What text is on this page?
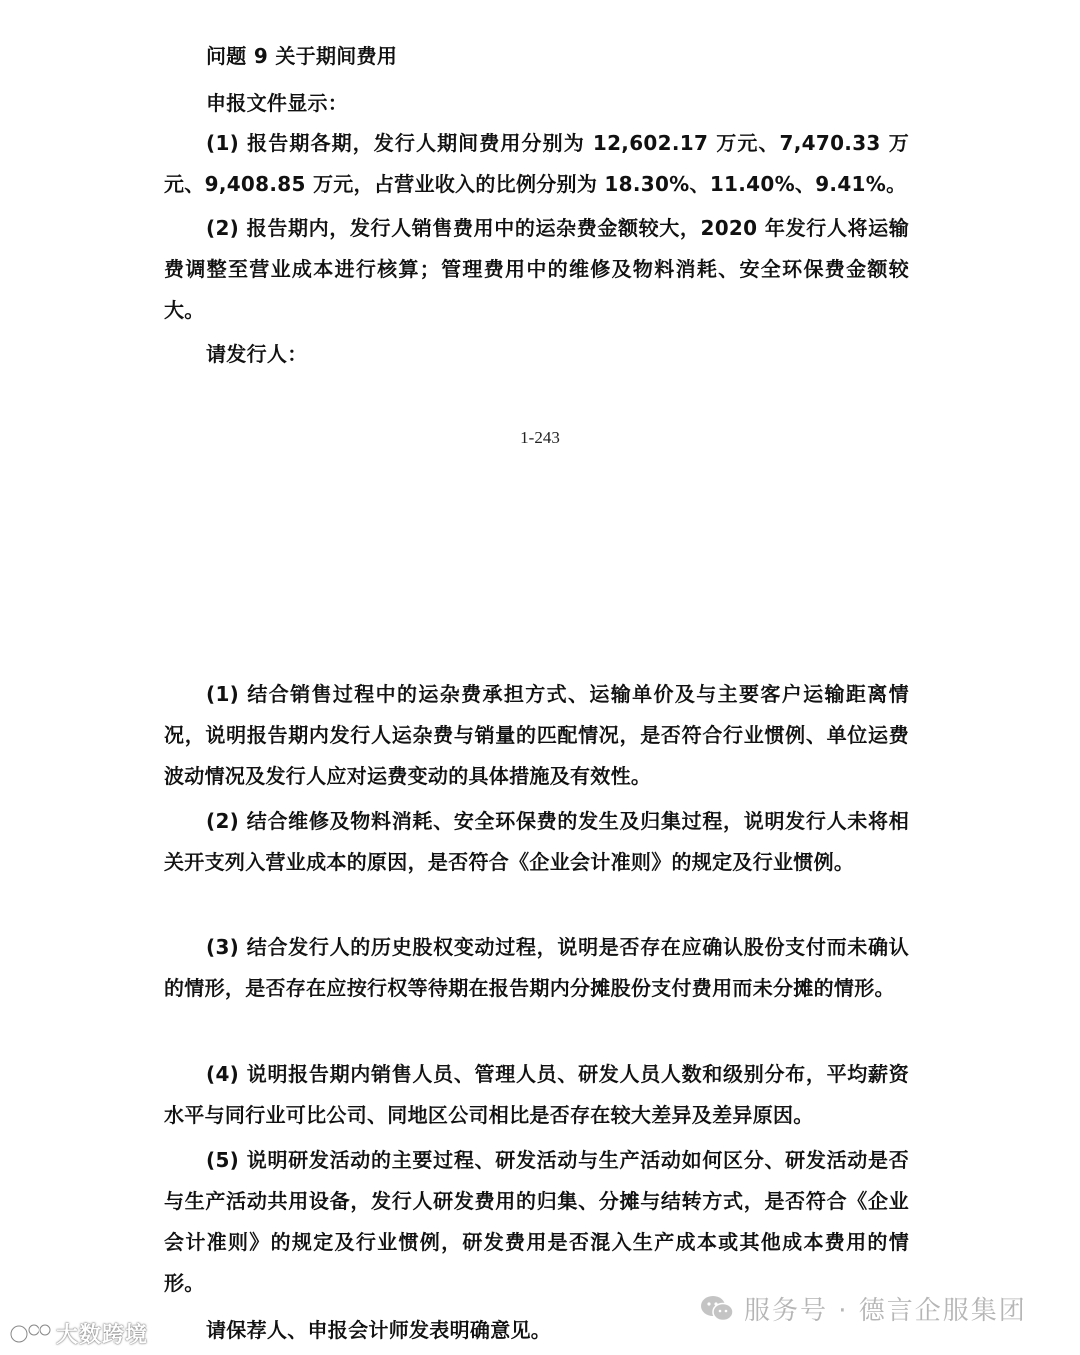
问题 9 关于期间费用

申报文件显示：

(1) 报告期各期，发行人期间费用分别为 12,602.17 万元、7,470.33 万元、9,408.85 万元，占营业收入的比例分别为 18.30%、11.40%、9.41%。

(2) 报告期内，发行人销售费用中的运杂费金额较大，2020 年发行人将运输费调整至营业成本进行核算；管理费用中的维修及物料消耗、安全环保费金额较大。

请发行人：

1-243

(1) 结合销售过程中的运杂费承担方式、运输单价及与主要客户运输距离情况，说明报告期内发行人运杂费与销量的匹配情况，是否符合行业惯例、单位运费波动情况及发行人应对运费变动的具体措施及有效性。

(2) 结合维修及物料消耗、安全环保费的发生及归集过程，说明发行人未将相关开支列入营业成本的原因，是否符合《企业会计准则》的规定及行业惯例。

(3) 结合发行人的历史股权变动过程，说明是否存在应确认股份支付而未确认的情形，是否存在应按行权等待期在报告期内分摊股份支付费用而未分摊的情形。

(4) 说明报告期内销售人员、管理人员、研发人员人数和级别分布，平均薪资水平与同行业可比公司、同地区公司相比是否存在较大差异及差异原因。

(5) 说明研发活动的主要过程、研发活动与生产活动如何区分、研发活动是否与生产活动共用设备，发行人研发费用的归集、分摊与结转方式，是否符合《企业会计准则》的规定及行业惯例，研发费用是否混入生产成本或其他成本费用的情形。

请保荐人、申报会计师发表明确意见。

大数跨境
服务号 · 德言企服集团
